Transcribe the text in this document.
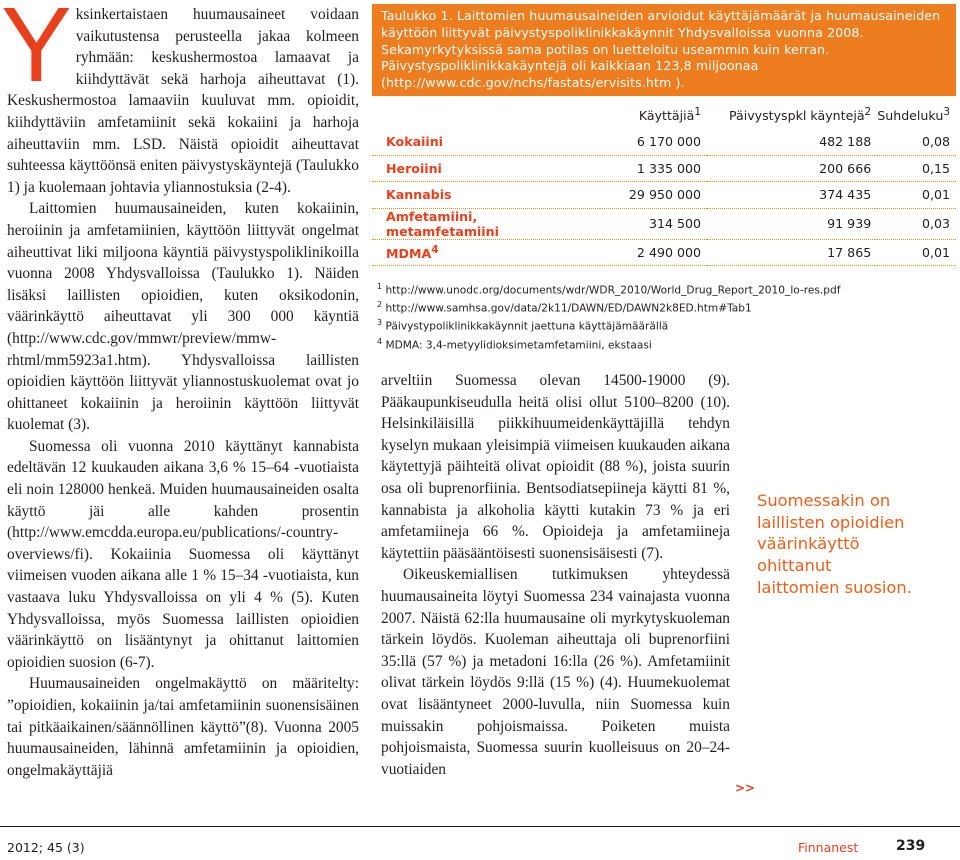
Yksinkertaistaen huumausaineet voidaan vaikutustensa perusteella jakaa kolmeen ryhmään: keskushermostoa lamaavat ja kiihdyttävät sekä harhoja aiheuttavat (1). Keskushermostoa lamaaviin kuuluvat mm. opioidit, kiihdyttäviin amfetamiinit sekä kokaiini ja harhoja aiheuttaviin mm. LSD. Näistä opioidit aiheuttavat suhteessa käyttöönsä eniten päivystyskäyntejä (Taulukko 1) ja kuolemaan johtavia yliannostuksia (2-4).

Laittomien huumausaineiden, kuten kokaiinin, heroiinin ja amfetamiinien, käyttöön liittyvät ongelmat aiheuttivat liki miljoona käyntiä päivystyspoliklinikoilla vuonna 2008 Yhdysvalloissa (Taulukko 1). Näiden lisäksi laillisten opioidien, kuten oksikodonin, väärinkäyttö aiheuttavat yli 300 000 käyntiä (http://www.cdc.gov/mmwr/preview/mmw-rhtml/mm5923a1.htm). Yhdysvalloissa laillisten opioidien käyttöön liittyvät yliannostuskuolemat ovat jo ohittaneet kokaiinin ja heroiinin käyttöön liittyvät kuolemat (3).

Suomessa oli vuonna 2010 käyttänyt kannabista edeltävän 12 kuukauden aikana 3,6 % 15–64 -vuotiaista eli noin 128000 henkeä. Muiden huumausaineiden osalta käyttö jäi alle kahden prosentin (http://www.emcdda.europa.eu/publications/-country-overviews/fi). Kokaiinia Suomessa oli käyttänyt viimeisen vuoden aikana alle 1 % 15–34 -vuotiaista, kun vastaava luku Yhdysvalloissa on yli 4 % (5). Kuten Yhdysvalloissa, myös Suomessa laillisten opioidien väärinkäyttö on lisääntynyt ja ohittanut laittomien opioidien suosion (6-7).

Huumausaineiden ongelmakäyttö on määritelty: ”opioidien, kokaiinin ja/tai amfetamiinin suonensisäinen tai pitkäaikainen/säännöllinen käyttö”(8). Vuonna 2005 huumausaineiden, lähinnä amfetamiinin ja opioidien, ongelmakäyttäjiä

Taulukko 1. Laittomien huumausaineiden arvioidut käyttäjämäärät ja huumausaineiden käyttöön liittyvät päivystyspoliklinikkakäynnit Yhdysvalloissa vuonna 2008. Sekamyrkytyksissä sama potilas on luetteloitu useammin kuin kerran. Päivystyspoliklinikkakäyntejä oli kaikkiaan 123,8 miljoonaa (http://www.cdc.gov/nchs/fastats/ervisits.htm ).
	Käyttäjiä$^1$	Päivystyspkl käyntejä$^2$	Suhdeluku$^3$
Kokaiini	6 170 000	482 188	0,08
Heroiini	1 335 000	200 666	0,15
Kannabis	29 950 000	374 435	0,01
Amfetamiini, metamfetamiini	314 500	91 939	0,03
MDMA$^4$	2 490 000	17 865	0,01
$^1$ http://www.unodc.org/documents/wdr/WDR_2010/World_Drug_Report_2010_lo-res.pdf
$^2$ http://www.samhsa.gov/data/2k11/DAWN/ED/DAWN2k8ED.htm#Tab1
$^3$ Päivystypoliklinikkakäynnit jaettuna käyttäjämäärällä
$^4$ MDMA: 3,4-metyylidioksimetamfetamiini, ekstaasi

arveltiin Suomessa olevan 14500-19000 (9). Pääkaupunkiseudulla heitä olisi ollut 5100–8200 (10). Helsinkiläisillä piikkihuumeidenkäyttäjillä tehdyn kyselyn mukaan yleisimpiä viimeisen kuukauden aikana käytettyjä päihteitä olivat opioidit (88 %), joista suurin osa oli buprenorfiinia. Bentsodiatsepiineja käytti 81 %, kannabista ja alkoholia käytti kutakin 73 % ja eri amfetamiineja 66 %. Opioideja ja amfetamiineja käytettiin pääsääntöisesti suonensisäisesti (7).

Oikeuskemiallisen tutkimuksen yhteydessä huumausaineita löytyi Suomessa 234 vainajasta vuonna 2007. Näistä 62:lla huumausaine oli myrkytyskuoleman tärkein löydös. Kuoleman aiheuttaja oli buprenorfiini 35:llä (57 %) ja metadoni 16:lla (26 %). Amfetamiinit olivat tärkein löydös 9:llä (15 %) (4). Huumekuolemat ovat lisääntyneet 2000-luvulla, niin Suomessa kuin muissakin pohjoismaissa. Poiketen muista pohjoismaista, Suomessa suurin kuolleisuus on 20–24-vuotiaiden

>>
Suomessakin on laillisten opioidien väärinkäyttö ohittanut laittomien suosion.
2012; 45 (3)	Finnanest	239
